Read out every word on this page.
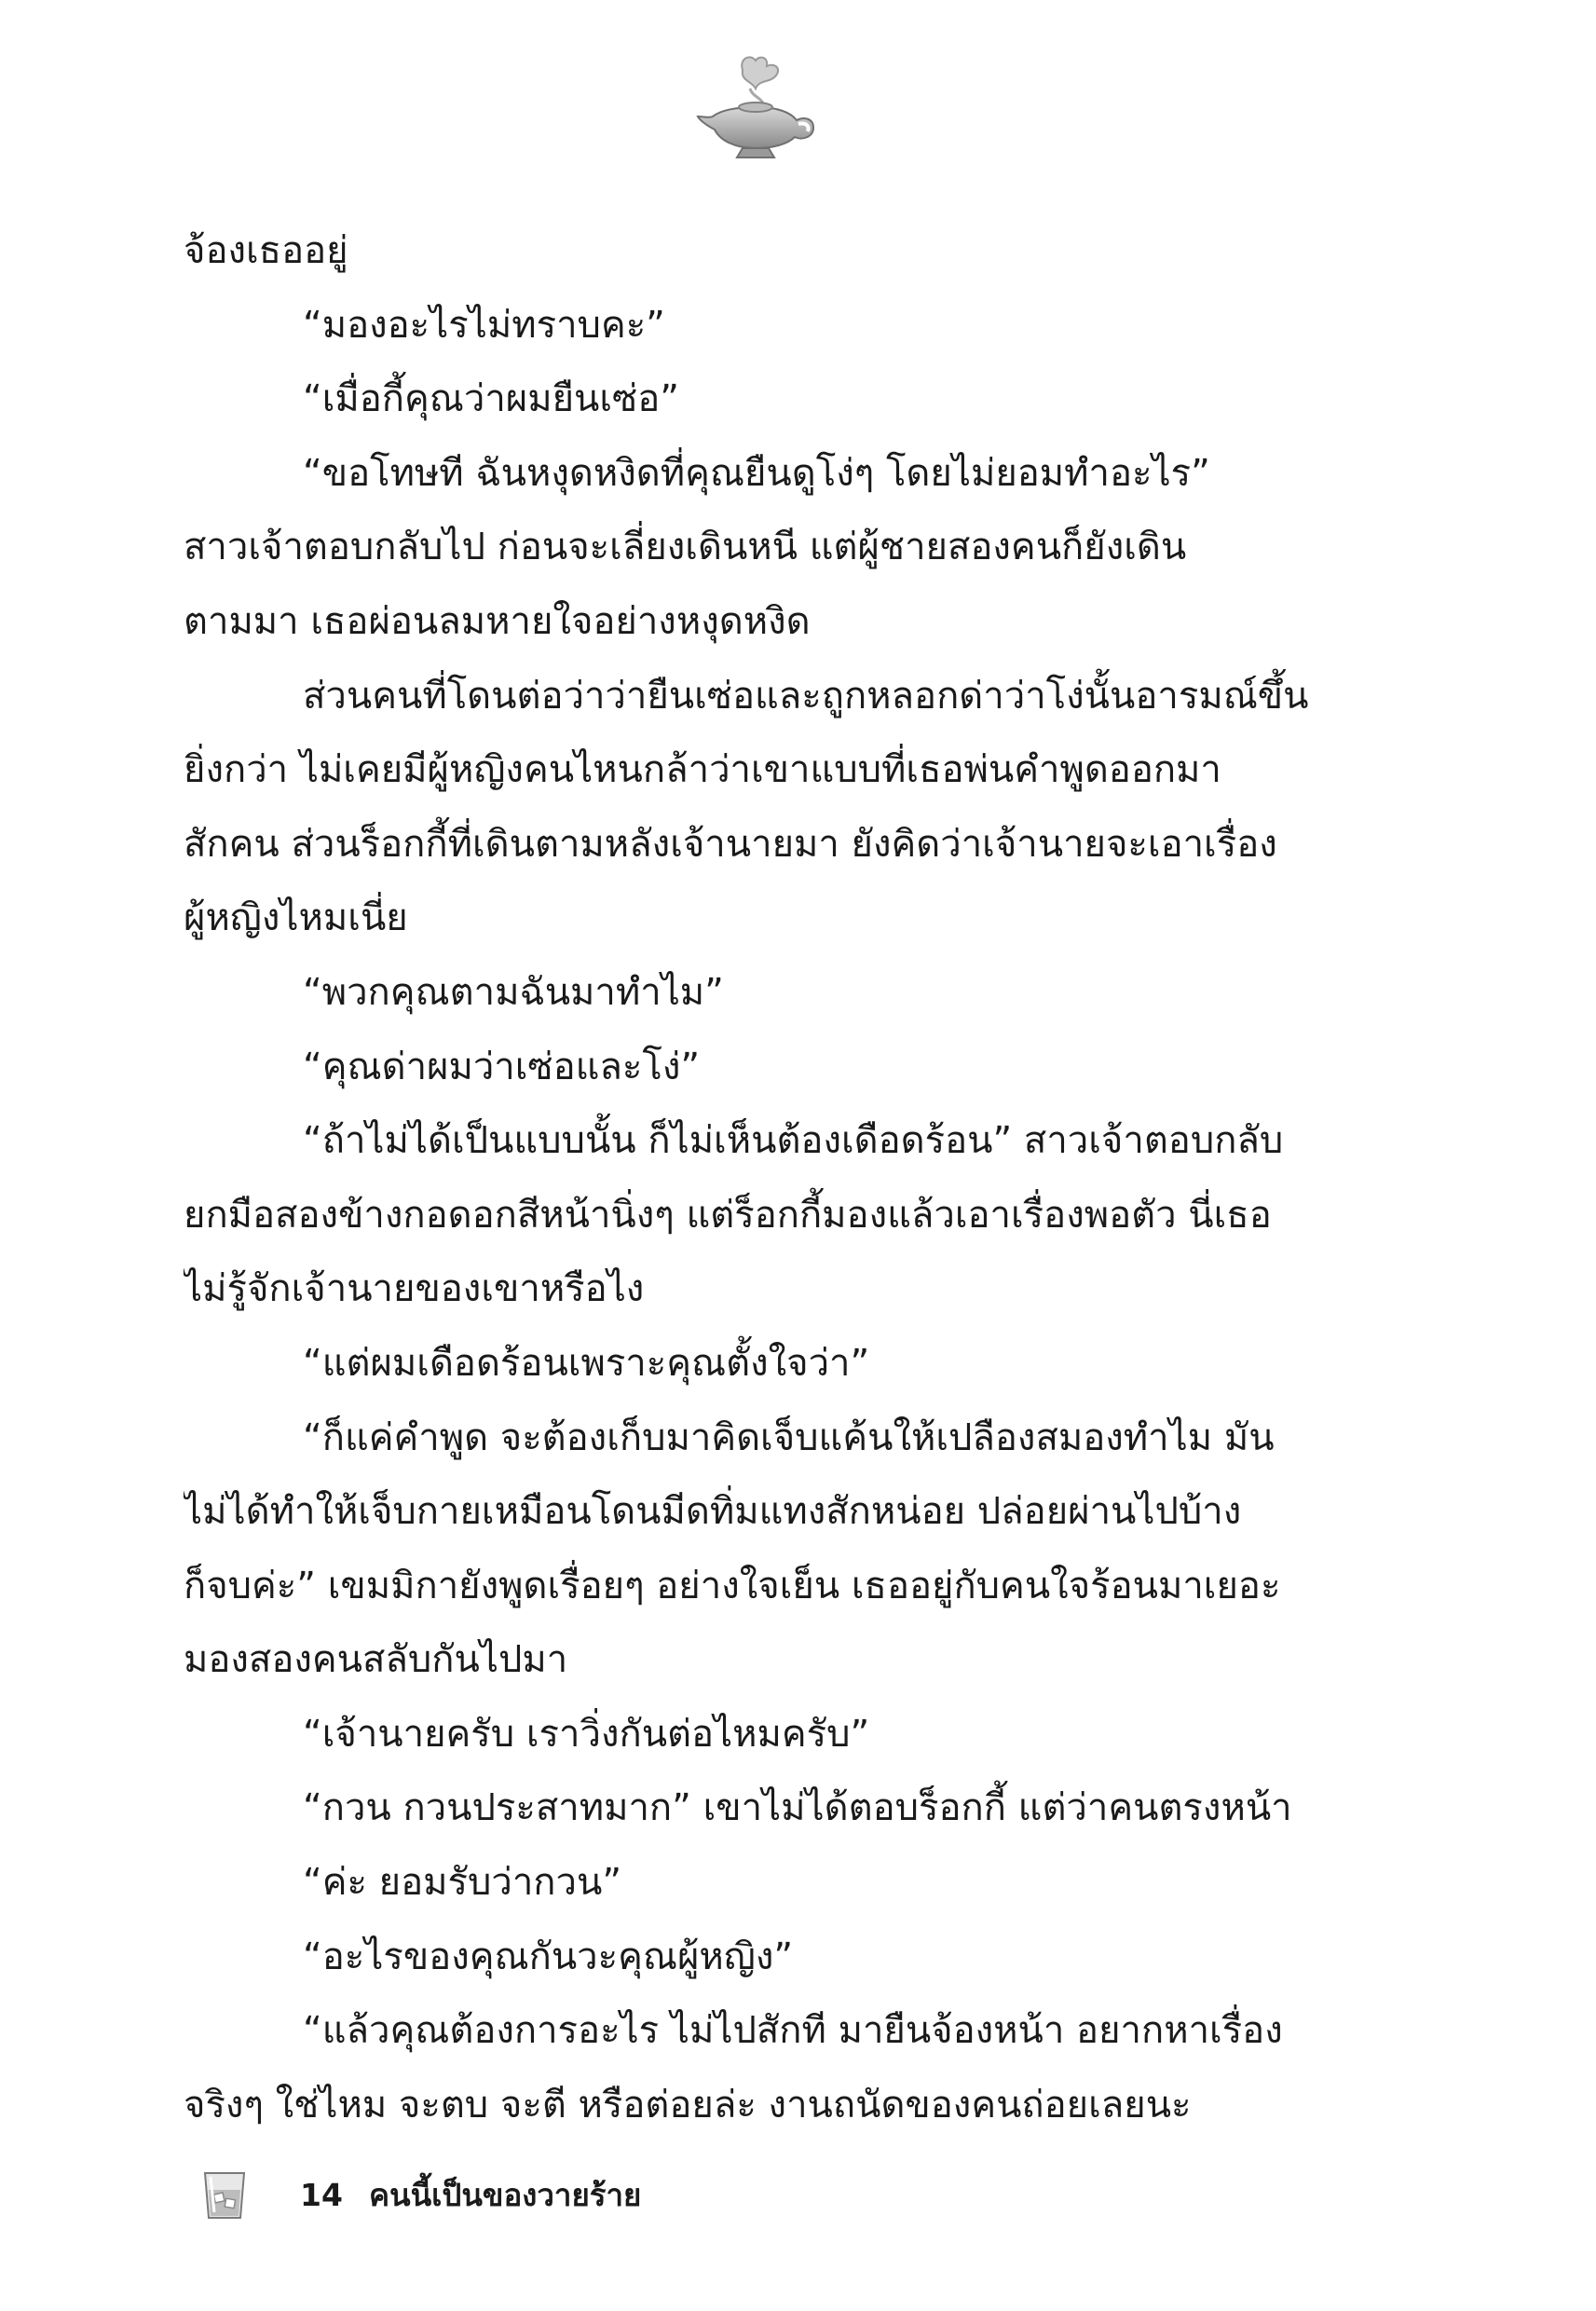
จ้องเธออยู่

“มองอะไรไม่ทราบคะ”

“เมื่อกี้คุณว่าผมยืนเซ่อ”

“ขอโทษที ฉันหงุดหงิดที่คุณยืนดูโง่ๆ โดยไม่ยอมทำอะไร”

สาวเจ้าตอบกลับไป ก่อนจะเลี่ยงเดินหนี แต่ผู้ชายสองคนก็ยังเดิน

ตามมา เธอผ่อนลมหายใจอย่างหงุดหงิด

ส่วนคนที่โดนต่อว่าว่ายืนเซ่อและถูกหลอกด่าว่าโง่นั้นอารมณ์ขึ้น

ยิ่งกว่า ไม่เคยมีผู้หญิงคนไหนกล้าว่าเขาแบบที่เธอพ่นคำพูดออกมา

สักคน ส่วนร็อกกี้ที่เดินตามหลังเจ้านายมา ยังคิดว่าเจ้านายจะเอาเรื่อง

ผู้หญิงไหมเนี่ย

“พวกคุณตามฉันมาทำไม”

“คุณด่าผมว่าเซ่อและโง่”

“ถ้าไม่ได้เป็นแบบนั้น ก็ไม่เห็นต้องเดือดร้อน” สาวเจ้าตอบกลับ

ยกมือสองข้างกอดอกสีหน้านิ่งๆ แต่ร็อกกี้มองแล้วเอาเรื่องพอตัว นี่เธอ

ไม่รู้จักเจ้านายของเขาหรือไง

“แต่ผมเดือดร้อนเพราะคุณตั้งใจว่า”

“ก็แค่คำพูด จะต้องเก็บมาคิดเจ็บแค้นให้เปลืองสมองทำไม มัน

ไม่ได้ทำให้เจ็บกายเหมือนโดนมีดทิ่มแทงสักหน่อย ปล่อยผ่านไปบ้าง

ก็จบค่ะ” เขมมิกายังพูดเรื่อยๆ อย่างใจเย็น เธออยู่กับคนใจร้อนมาเยอะ

มองสองคนสลับกันไปมา

“เจ้านายครับ เราวิ่งกันต่อไหมครับ”

“กวน กวนประสาทมาก” เขาไม่ได้ตอบร็อกกี้ แต่ว่าคนตรงหน้า

“ค่ะ ยอมรับว่ากวน”

“อะไรของคุณกันวะคุณผู้หญิง”

“แล้วคุณต้องการอะไร ไม่ไปสักที มายืนจ้องหน้า อยากหาเรื่อง

จริงๆ ใช่ไหม จะตบ จะตี หรือต่อยล่ะ งานถนัดของคนถ่อยเลยนะ

14 คนนี้เป็นของวายร้าย
